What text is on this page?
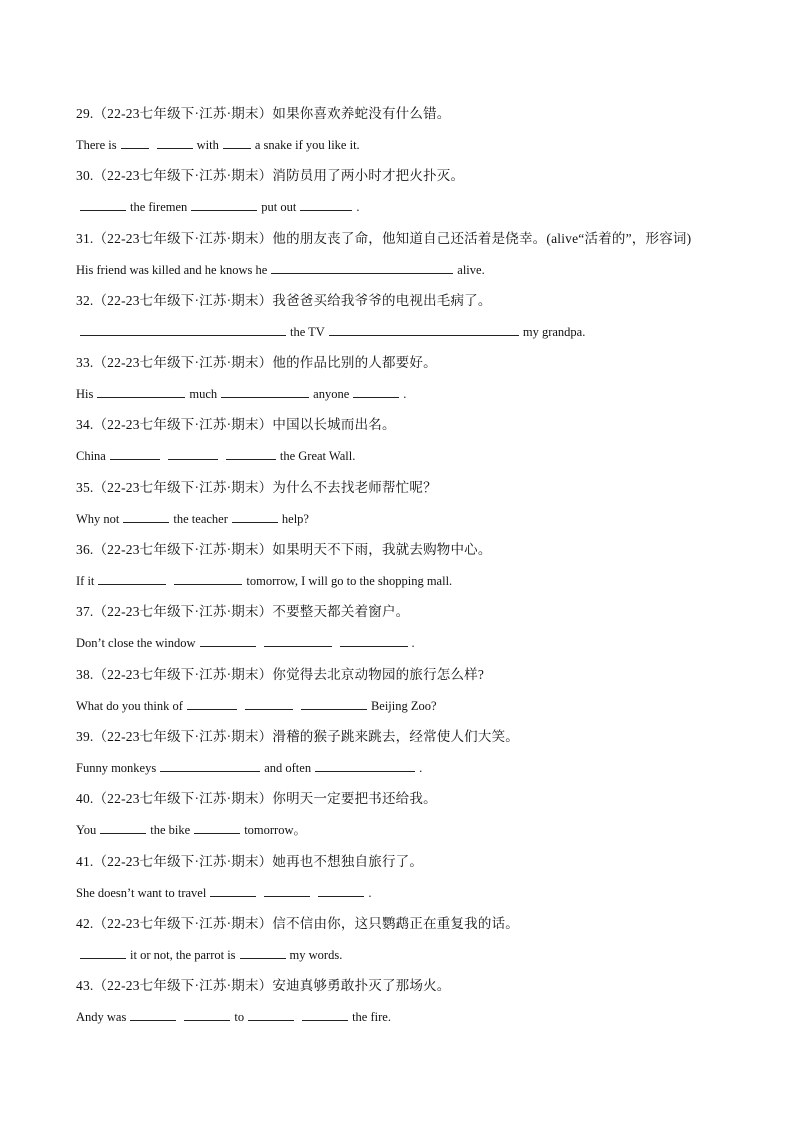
29.（22-23七年级下·江苏·期末）如果你喜欢养蛇没有什么错。
There is	with	a snake if you like it.
30.（22-23七年级下·江苏·期末）消防员用了两小时才把火扑灭。
the firemen	put out	.
31.（22-23七年级下·江苏·期末）他的朋友丧了命，他知道自己还活着是侥幸。(alive“活着的”，形容词)
His friend was killed and he knows he	alive.
32.（22-23七年级下·江苏·期末）我爸爸买给我爷爷的电视出毛病了。
the TV	my grandpa.
33.（22-23七年级下·江苏·期末）他的作品比别的人都要好。
His	much	anyone	.
34.（22-23七年级下·江苏·期末）中国以长城而出名。
China	the Great Wall.
35.（22-23七年级下·江苏·期末）为什么不去找老师帮忙呢？
Why not	the teacher	help?
36.（22-23七年级下·江苏·期末）如果明天不下雨，我就去购物中心。
If it	tomorrow, I will go to the shopping mall.
37.（22-23七年级下·江苏·期末）不要整天都关着窗户。
Don’t close the window	.
38.（22-23七年级下·江苏·期末）你觉得去北京动物园的旅行怎么样?
What do you think of	Beijing Zoo?
39.（22-23七年级下·江苏·期末）滑稽的猴子跳来跳去，经常使人们大笑。
Funny monkeys	and often	.
40.（22-23七年级下·江苏·期末）你明天一定要把书还给我。
You	the bike	tomorrow。
41.（22-23七年级下·江苏·期末）她再也不想独自旅行了。
She doesn’t want to travel	.
42.（22-23七年级下·江苏·期末）信不信由你，这只鹦鹉正在重复我的话。
it or not, the parrot is	my words.
43.（22-23七年级下·江苏·期末）安迪真够勇敢扑灭了那场火。
Andy was	to	the fire.
